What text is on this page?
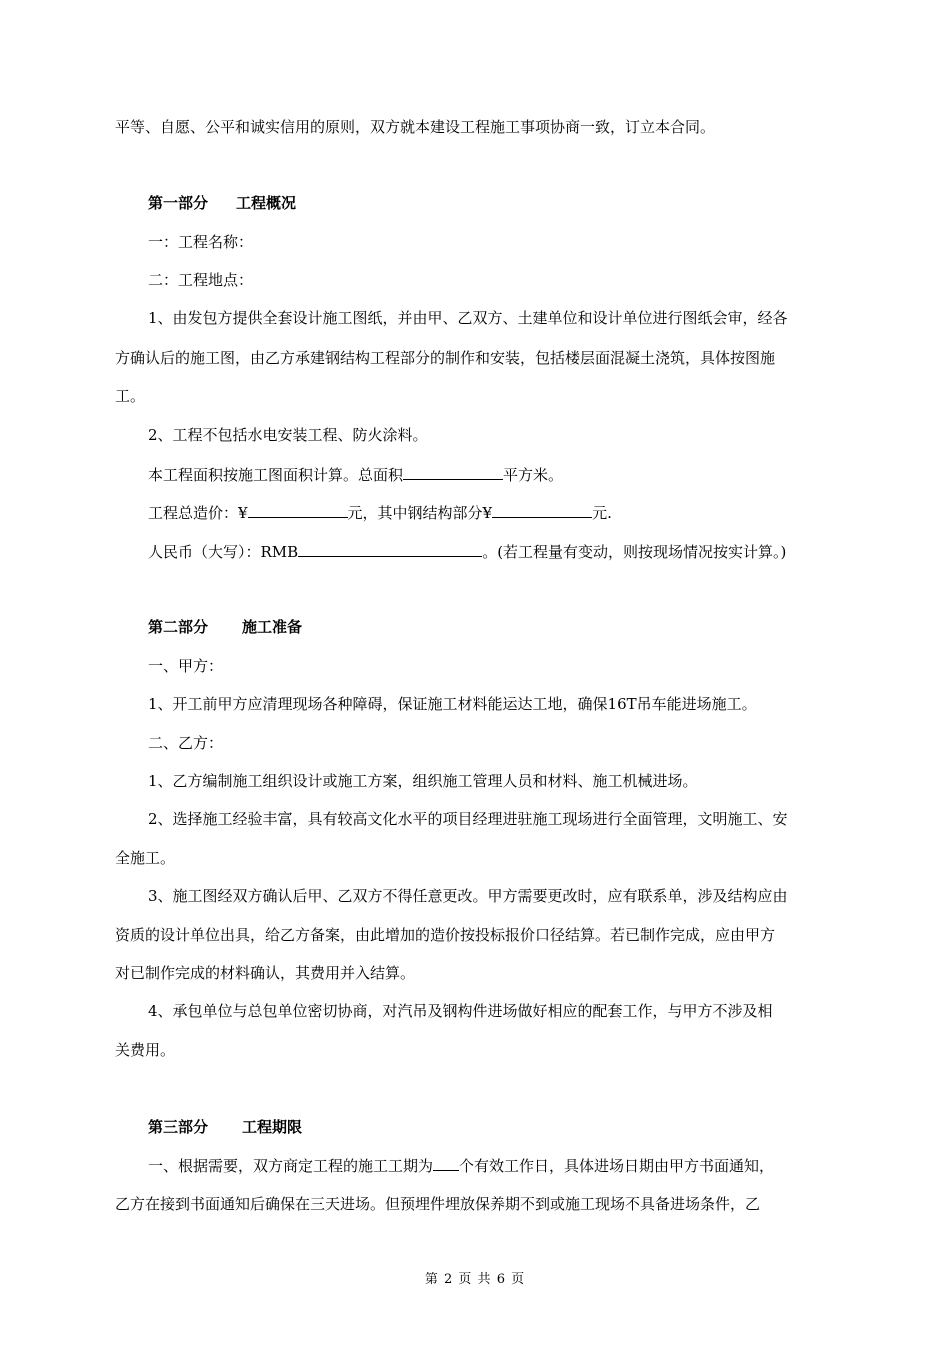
平等、自愿、公平和诚实信用的原则，双方就本建设工程施工事项协商一致，订立本合同。
第一部分 工程概况
一：工程名称：
二：工程地点：
1、由发包方提供全套设计施工图纸，并由甲、乙双方、土建单位和设计单位进行图纸会审，经各
方确认后的施工图，由乙方承建钢结构工程部分的制作和安装，包括楼层面混凝土浇筑，具体按图施
工。
2、工程不包括水电安装工程、防火涂料。
本工程面积按施工图面积计算。总面积	平方米。
工程总造价：¥	元，其中钢结构部分¥	元.
人民币（大写）：RMB	。(若工程量有变动，则按现场情况按实计算。)
第二部分 施工准备
一、甲方：
1、开工前甲方应清理现场各种障碍，保证施工材料能运达工地，确保16T吊车能进场施工。
二、乙方：
1、乙方编制施工组织设计或施工方案，组织施工管理人员和材料、施工机械进场。
2、选择施工经验丰富，具有较高文化水平的项目经理进驻施工现场进行全面管理，文明施工、安
全施工。
3、施工图经双方确认后甲、乙双方不得任意更改。甲方需要更改时，应有联系单，涉及结构应由
资质的设计单位出具，给乙方备案，由此增加的造价按投标报价口径结算。若已制作完成，应由甲方
对已制作完成的材料确认，其费用并入结算。
4、承包单位与总包单位密切协商，对汽吊及钢构件进场做好相应的配套工作，与甲方不涉及相
关费用。
第三部分 工程期限
一、根据需要，双方商定工程的施工工期为 个有效工作日，具体进场日期由甲方书面通知，
乙方在接到书面通知后确保在三天进场。但预埋件埋放保养期不到或施工现场不具备进场条件，乙
第 2 页 共 6 页
